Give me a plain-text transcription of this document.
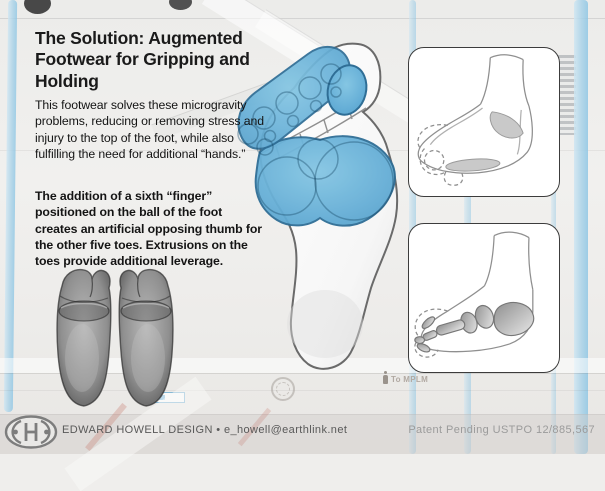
To MPLM
The Solution: Augmented Footwear for Gripping and Holding
This footwear solves these microgravity problems, reducing or removing stress and injury to the top of the foot, while also fulfilling the need for additional “hands.”
The addition of a sixth “finger” positioned on the ball of the foot creates an artificial opposing thumb for the other five toes. Extrusions on the toes provide additional leverage.
EDWARD HOWELL DESIGN • e_howell@earthlink.net	Patent Pending USTPO 12/885,567
